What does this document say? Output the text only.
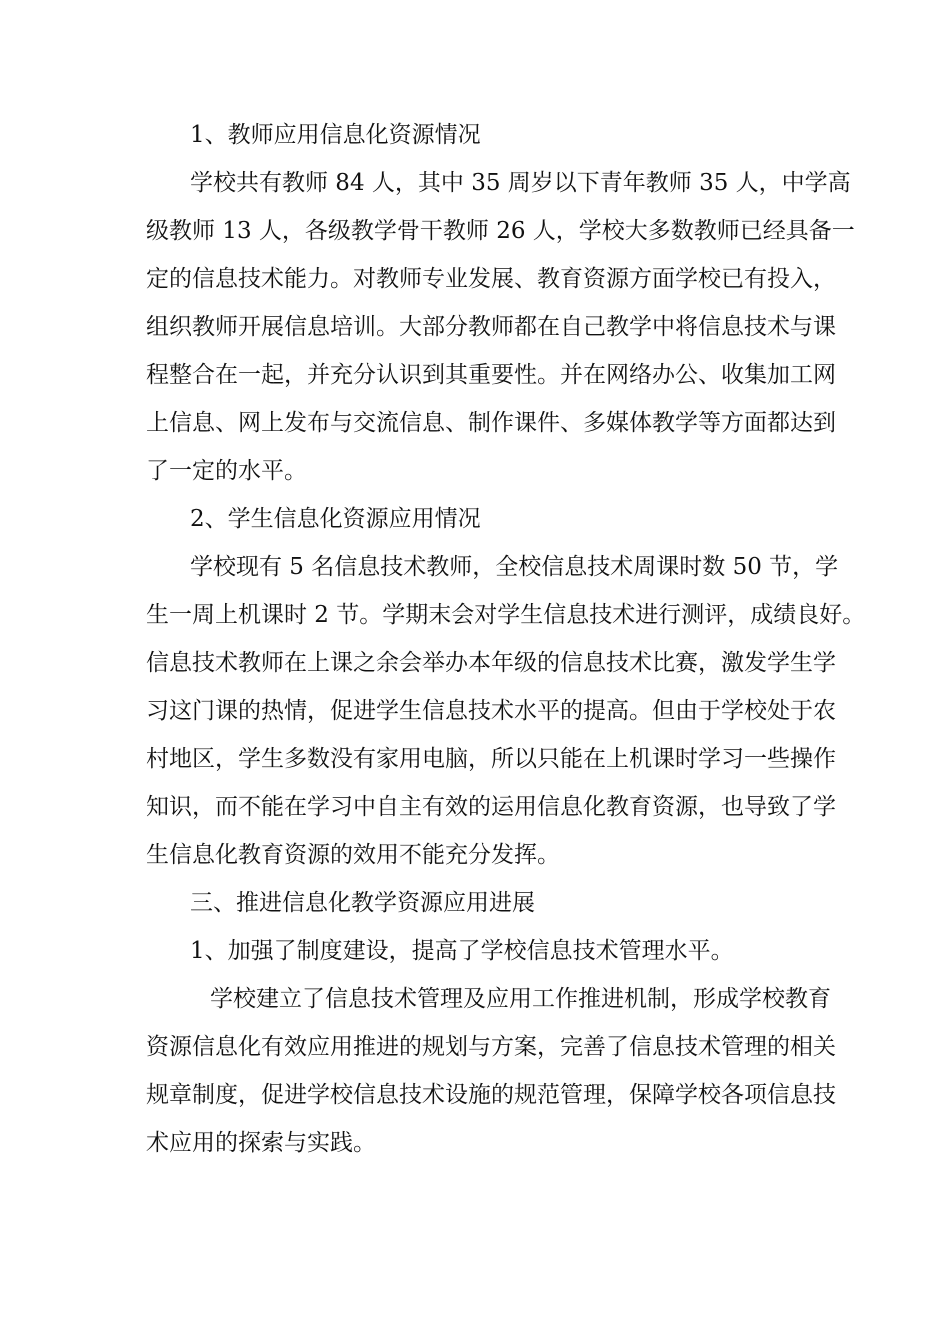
1、教师应用信息化资源情况
学校共有教师 84 人，其中 35 周岁以下青年教师 35 人，中学高
级教师 13 人，各级教学骨干教师 26 人，学校大多数教师已经具备一
定的信息技术能力。对教师专业发展、教育资源方面学校已有投入，
组织教师开展信息培训。大部分教师都在自己教学中将信息技术与课
程整合在一起，并充分认识到其重要性。并在网络办公、收集加工网
上信息、网上发布与交流信息、制作课件、多媒体教学等方面都达到
了一定的水平。
2、学生信息化资源应用情况
学校现有 5 名信息技术教师，全校信息技术周课时数 50 节，学
生一周上机课时 2 节。学期末会对学生信息技术进行测评，成绩良好。
信息技术教师在上课之余会举办本年级的信息技术比赛，激发学生学
习这门课的热情，促进学生信息技术水平的提高。但由于学校处于农
村地区，学生多数没有家用电脑，所以只能在上机课时学习一些操作
知识，而不能在学习中自主有效的运用信息化教育资源，也导致了学
生信息化教育资源的效用不能充分发挥。
三、推进信息化教学资源应用进展
1、加强了制度建设，提高了学校信息技术管理水平。
学校建立了信息技术管理及应用工作推进机制，形成学校教育
资源信息化有效应用推进的规划与方案，完善了信息技术管理的相关
规章制度，促进学校信息技术设施的规范管理，保障学校各项信息技
术应用的探索与实践。
